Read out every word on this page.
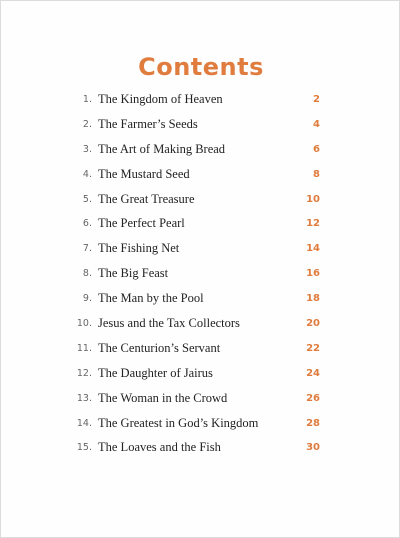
Contents
1. The Kingdom of Heaven	2
2. The Farmer’s Seeds	4
3. The Art of Making Bread	6
4. The Mustard Seed	8
5. The Great Treasure	10
6. The Perfect Pearl	12
7. The Fishing Net	14
8. The Big Feast	16
9. The Man by the Pool	18
10. Jesus and the Tax Collectors	20
11. The Centurion’s Servant	22
12. The Daughter of Jairus	24
13. The Woman in the Crowd	26
14. The Greatest in God’s Kingdom	28
15. The Loaves and the Fish	30
